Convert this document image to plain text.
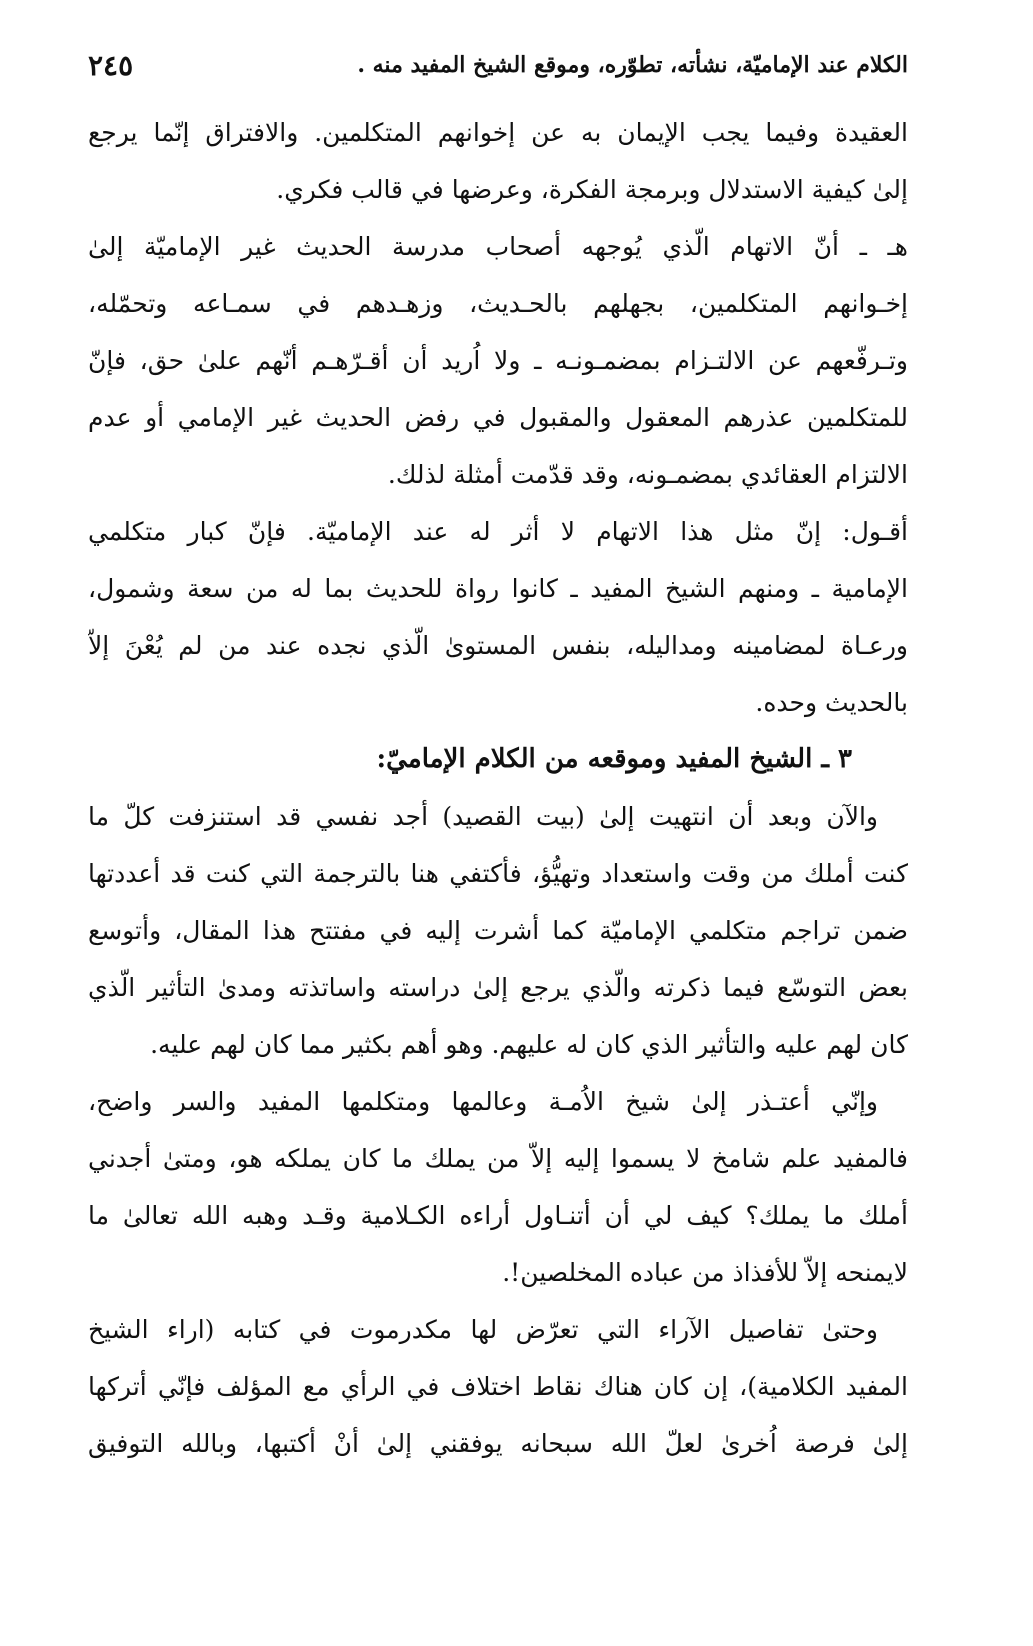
الكلام عند الإماميّة، نشأته، تطوّره، وموقع الشيخ المفيد منه .
٢٤٥
العقيدة وفيما يجب الإيمان به عن إخوانهم المتكلمين. والافتراق إنّما يرجع
إلىٰ كيفية الاستدلال وبرمجة الفكرة، وعرضها في قالب فكري.
هـ ـ أنّ الاتهام الّذي يُوجهه أصحاب مدرسة الحديث غير الإماميّة إلىٰ
إخـوانهم المتكلمين، بجهلهم بالحـديث، وزهـدهم في سمـاعه وتحمّله،
وتـرفّعهم عن الالتـزام بمضمـونـه ـ ولا اُريد أن أقـرّهـم أنّهم علىٰ حق، فإنّ
للمتكلمين عذرهم المعقول والمقبول في رفض الحديث غير الإمامي أو عدم
الالتزام العقائدي بمضمـونه، وقد قدّمت أمثلة لذلك.
أقـول: إنّ مثل هذا الاتهام لا أثر له عند الإماميّة. فإنّ كبار متكلمي
الإمامية ـ ومنهم الشيخ المفيد ـ كانوا رواة للحديث بما له من سعة وشمول،
ورعـاة لمضامينه ومداليله، بنفس المستوىٰ الّذي نجده عند من لم يُعْنَ إلاّ
بالحديث وحده.
٣ ـ الشيخ المفيد وموقعه من الكلام الإماميّ:
والآن وبعد أن انتهيت إلىٰ (بيت القصيد) أجد نفسي قد استنزفت كلّ ما
كنت أملك من وقت واستعداد وتهيُّؤ، فأكتفي هنا بالترجمة التي كنت قد أعددتها
ضمن تراجم متكلمي الإماميّة كما أشرت إليه في مفتتح هذا المقال، وأتوسع
بعض التوسّع فيما ذكرته والّذي يرجع إلىٰ دراسته واساتذته ومدىٰ التأثير الّذي
كان لهم عليه والتأثير الذي كان له عليهم. وهو أهم بكثير مما كان لهم عليه.
وإنّي أعتـذر إلىٰ شيخ الاُمـة وعالمها ومتكلمها المفيد والسر واضح،
فالمفيد علم شامخ لا يسموا إليه إلاّ من يملك ما كان يملكه هو، ومتىٰ أجدني
أملك ما يملك؟ كيف لي أن أتنـاول أراءه الكـلامية وقـد وهبه الله تعالىٰ ما
لايمنحه إلاّ للأفذاذ من عباده المخلصين!.
وحتىٰ تفاصيل الآراء التي تعرّض لها مكدرموت في كتابه (اراء الشيخ
المفيد الكلامية)، إن كان هناك نقاط اختلاف في الرأي مع المؤلف فإنّي أتركها
إلىٰ فرصة اُخرىٰ لعلّ الله سبحانه يوفقني إلىٰ أنْ أكتبها، وبالله التوفيق
